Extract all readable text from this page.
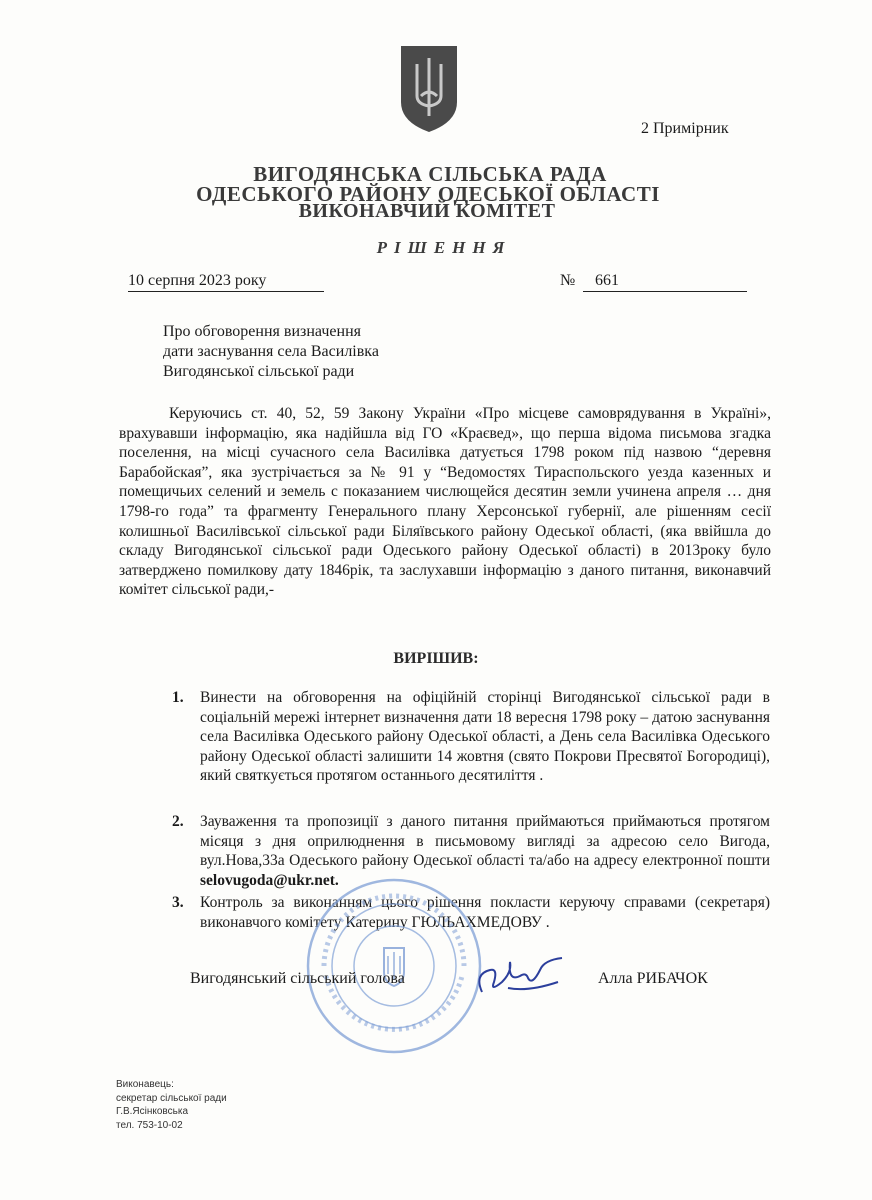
2 Примірник
ВИГОДЯНСЬКА СІЛЬСЬКА РАДА
ОДЕСЬКОГО РАЙОНУ ОДЕСЬКОЇ ОБЛАСТІ
ВИКОНАВЧИЙ КОМІТЕТ
РІШЕННЯ
10 серпня 2023 року	№	661
Про обговорення визначення
дати заснування села Василівка
Вигодянської сільської ради

Керуючись ст. 40, 52, 59 Закону України «Про місцеве самоврядування в Україні», врахувавши інформацію, яка надійшла від ГО «Краєвед», що перша відома письмова згадка поселення, на місці сучасного села Василівка датується 1798 роком під назвою “деревня Барабойская”, яка зустрічається за № 91 у “Ведомостях Тираспольского уезда казенных и помещичьих селений и земель с показанием числющейся десятин земли учинена апреля … дня 1798-го года” та фрагменту Генерального плану Херсонської губернії, але рішенням сесії колишньої Василівської сільської ради Біляївського району Одеської області, (яка ввійшла до складу Вигодянської сільської ради Одеського району Одеської області) в 2013року було затверджено помилкову дату 1846рік, та заслухавши інформацію з даного питання, виконавчий комітет сільської ради,-

ВИРІШИВ:
1. Винести на обговорення на офіційній сторінці Вигодянської сільської ради в соціальній мережі інтернет визначення дати 18 вересня 1798 року – датою заснування села Василівка Одеського району Одеської області, а День села Василівка Одеського району Одеської області залишити 14 жовтня (свято Покрови Пресвятої Богородиці), який святкується протягом останнього десятиліття .
2. Зауваження та пропозиції з даного питання приймаються приймаються протягом місяця з дня оприлюднення в письмовому вигляді за адресою село Вигода, вул.Нова,33а Одеського району Одеської області та/або на адресу електронної пошти selovugoda@ukr.net.
3. Контроль за виконанням цього рішення покласти керуючу справами (секретаря) виконавчого комітету Катерину ГЮЛЬАХМЕДОВУ .
Вигодянський сільський голова	Алла РИБАЧОК
Виконавець:
секретар сільської ради
Г.В.Ясінковська
тел. 753-10-02
